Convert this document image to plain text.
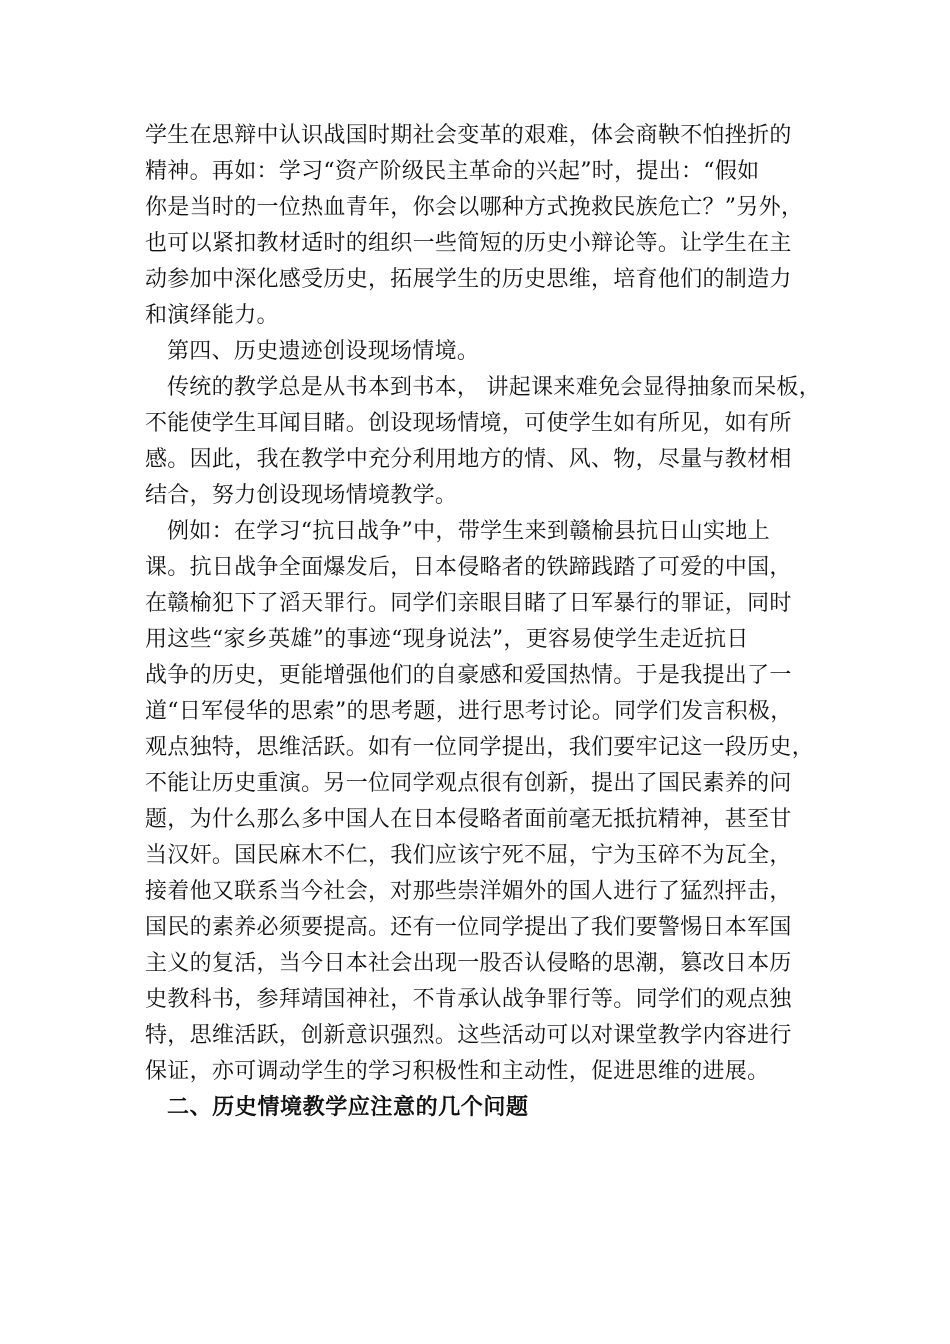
学生在思辩中认识战国时期社会变革的艰难，体会商鞅不怕挫折的
精神。再如：学习“资产阶级民主革命的兴起”时，提出：“假如
你是当时的一位热血青年，你会以哪种方式挽救民族危亡？”另外，
也可以紧扣教材适时的组织一些简短的历史小辩论等。让学生在主
动参加中深化感受历史，拓展学生的历史思维，培育他们的制造力
和演绎能力。
第四、历史遗迹创设现场情境。
传统的教学总是从书本到书本， 讲起课来难免会显得抽象而呆板，
不能使学生耳闻目睹。创设现场情境，可使学生如有所见，如有所
感。因此，我在教学中充分利用地方的情、风、物，尽量与教材相
结合，努力创设现场情境教学。
例如：在学习“抗日战争”中，带学生来到赣榆县抗日山实地上
课。抗日战争全面爆发后，日本侵略者的铁蹄践踏了可爱的中国，
在赣榆犯下了滔天罪行。同学们亲眼目睹了日军暴行的罪证，同时
用这些“家乡英雄”的事迹“现身说法”，更容易使学生走近抗日
战争的历史，更能增强他们的自豪感和爱国热情。于是我提出了一
道“日军侵华的思索”的思考题，进行思考讨论。同学们发言积极，
观点独特，思维活跃。如有一位同学提出，我们要牢记这一段历史，
不能让历史重演。另一位同学观点很有创新，提出了国民素养的问
题，为什么那么多中国人在日本侵略者面前毫无抵抗精神，甚至甘
当汉奸。国民麻木不仁，我们应该宁死不屈，宁为玉碎不为瓦全，
接着他又联系当今社会，对那些崇洋媚外的国人进行了猛烈抨击，
国民的素养必须要提高。还有一位同学提出了我们要警惕日本军国
主义的复活，当今日本社会出现一股否认侵略的思潮，篡改日本历
史教科书，参拜靖国神社，不肯承认战争罪行等。同学们的观点独
特，思维活跃，创新意识强烈。这些活动可以对课堂教学内容进行
保证，亦可调动学生的学习积极性和主动性，促进思维的进展。
二、历史情境教学应注意的几个问题
